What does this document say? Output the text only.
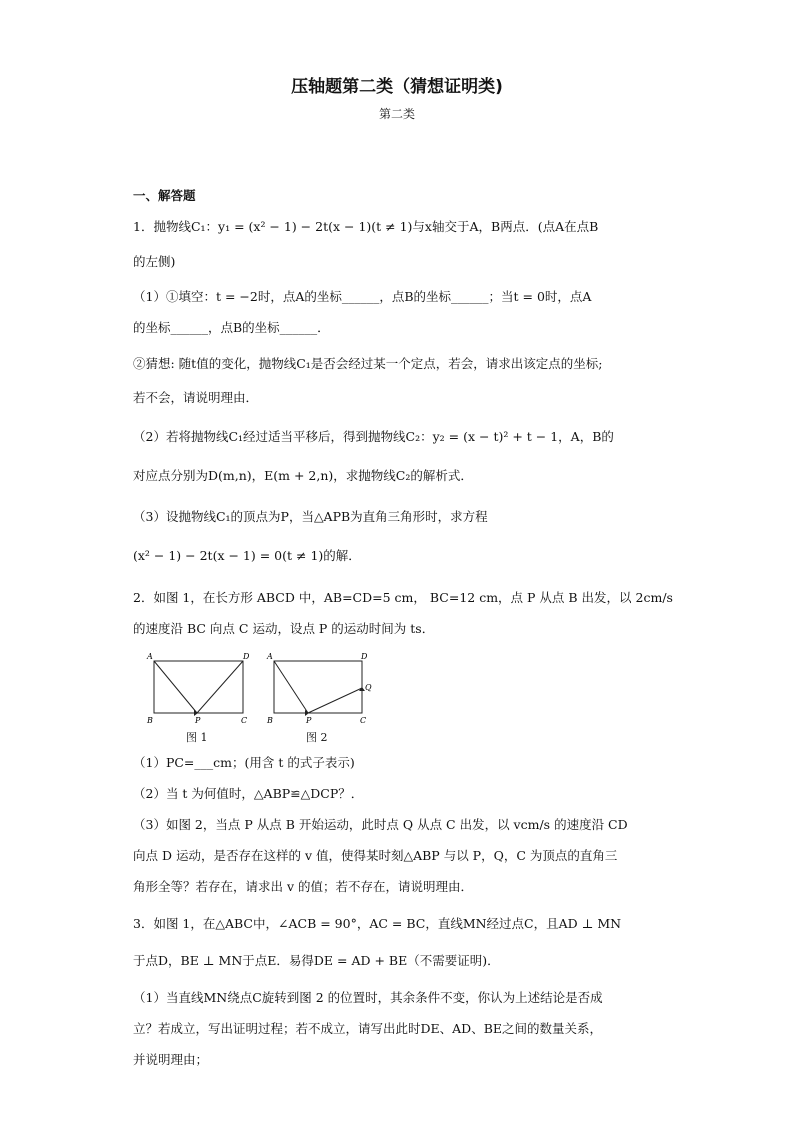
压轴题第二类（猜想证明类)
第二类
一、解答题
1．抛物线C₁：y₁ = (x² − 1) − 2t(x − 1)(t ≠ 1)与x轴交于A，B两点．(点A在点B
的左侧)
（1）①填空：t = −2时，点A的坐标______，点B的坐标______；当t = 0时，点A
的坐标______，点B的坐标______．
②猜想: 随t值的变化，抛物线C₁是否会经过某一个定点，若会，请求出该定点的坐标;
若不会，请说明理由．
（2）若将抛物线C₁经过适当平移后，得到抛物线C₂：y₂ = (x − t)² + t − 1，A，B的
对应点分别为D(m,n)，E(m + 2,n)，求抛物线C₂的解析式．
（3）设抛物线C₁的顶点为P，当△APB为直角三角形时，求方程
(x² − 1) − 2t(x − 1) = 0(t ≠ 1)的解．
2．如图 1，在长方形 ABCD 中，AB=CD=5 cm， BC=12 cm，点 P 从点 B 出发，以 2cm/s
的速度沿 BC 向点 C 运动，设点 P 的运动时间为 ts．
A	D
B	P	C
图 1
A	D
Q
B	P	C
图 2
（1）PC=___cm；(用含 t 的式子表示)
（2）当 t 为何值时，△ABP≌△DCP？．
（3）如图 2，当点 P 从点 B 开始运动，此时点 Q 从点 C 出发，以 vcm/s 的速度沿 CD
向点 D 运动，是否存在这样的 v 值，使得某时刻△ABP 与以 P，Q，C 为顶点的直角三
角形全等？若存在，请求出 v 的值；若不存在，请说明理由．
3．如图 1，在△ABC中，∠ACB = 90°，AC = BC，直线MN经过点C，且AD ⊥ MN
于点D，BE ⊥ MN于点E．易得DE = AD + BE（不需要证明)．
（1）当直线MN绕点C旋转到图 2 的位置时，其余条件不变，你认为上述结论是否成
立？若成立，写出证明过程；若不成立，请写出此时DE、AD、BE之间的数量关系，
并说明理由；
